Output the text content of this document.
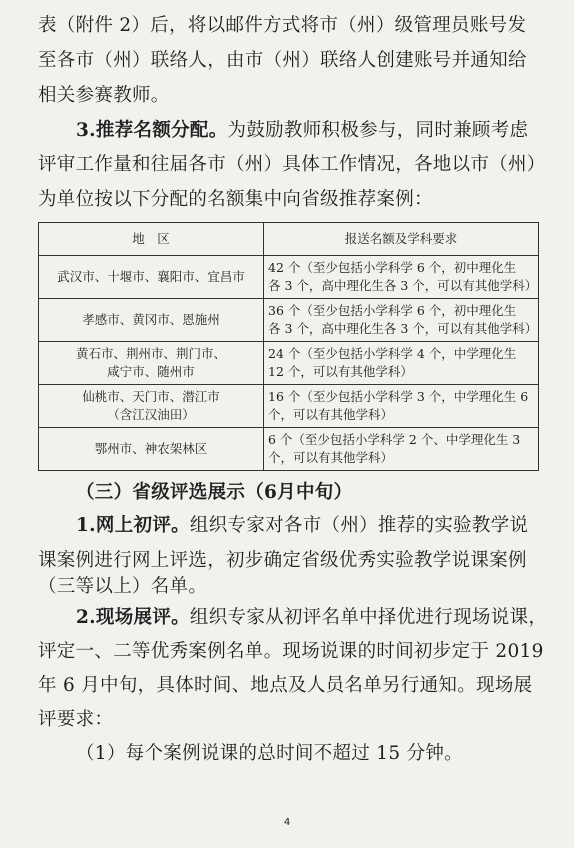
表（附件 2）后，将以邮件方式将市（州）级管理员账号发
至各市（州）联络人，由市（州）联络人创建账号并通知给
相关参赛教师。
3.推荐名额分配。为鼓励教师积极参与，同时兼顾考虑
评审工作量和往届各市（州）具体工作情况，各地以市（州）
为单位按以下分配的名额集中向省级推荐案例：
地　区	报送名额及学科要求
武汉市、十堰市、襄阳市、宜昌市	42 个（至少包括小学科学 6 个，初中理化生
各 3 个，高中理化生各 3 个，可以有其他学科）
孝感市、黄冈市、恩施州	36 个（至少包括小学科学 6 个，初中理化生
各 3 个，高中理化生各 3 个，可以有其他学科）
黄石市、荆州市、荆门市、
咸宁市、随州市	24 个（至少包括小学科学 4 个，中学理化生
12 个，可以有其他学科）
仙桃市、天门市、潜江市
（含江汉油田）	16 个（至少包括小学科学 3 个，中学理化生 6
个，可以有其他学科）
鄂州市、神农架林区	6 个（至少包括小学科学 2 个、中学理化生 3
个，可以有其他学科）
（三）省级评选展示（6月中旬）
1.网上初评。组织专家对各市（州）推荐的实验教学说
课案例进行网上评选，初步确定省级优秀实验教学说课案例
（三等以上）名单。
2.现场展评。组织专家从初评名单中择优进行现场说课，
评定一、二等优秀案例名单。现场说课的时间初步定于 2019
年 6 月中旬，具体时间、地点及人员名单另行通知。现场展
评要求：
（1）每个案例说课的总时间不超过 15 分钟。
4
